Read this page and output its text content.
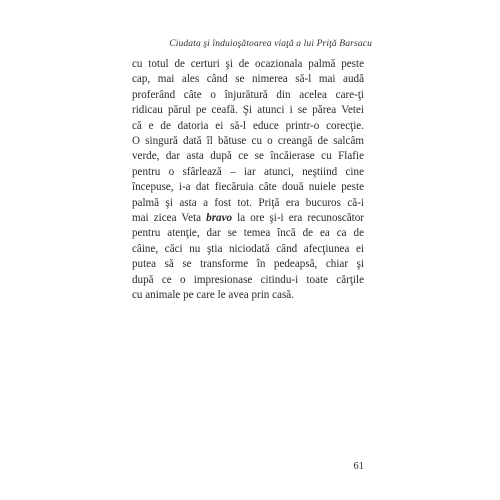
Ciudata şi înduioşătoarea viaţă a lui Priţă Barsacu
cu totul de certuri şi de ocazionala palmă peste
cap, mai ales când se nimerea să-l mai audă
proferând câte o înjurătură din acelea care-ţi
ridicau părul pe ceafă. Şi atunci i se părea Vetei
că e de datoria ei să-l educe printr-o corecţie.
O singură dată îl bătuse cu o creangă de salcâm
verde, dar asta după ce se încăierase cu Flafie
pentru o sfârlează – iar atunci, neştiind cine
începuse, i-a dat fiecăruia câte două nuiele peste
palmă şi asta a fost tot. Priţă era bucuros că-i
mai zicea Veta bravo la ore şi-i era recunoscător
pentru atenţie, dar se temea încă de ea ca de
câine, căci nu ştia niciodată când afecţiunea ei
putea să se transforme în pedeapsă, chiar şi
după ce o impresionase citindu-i toate cărţile
cu animale pe care le avea prin casă.
61
